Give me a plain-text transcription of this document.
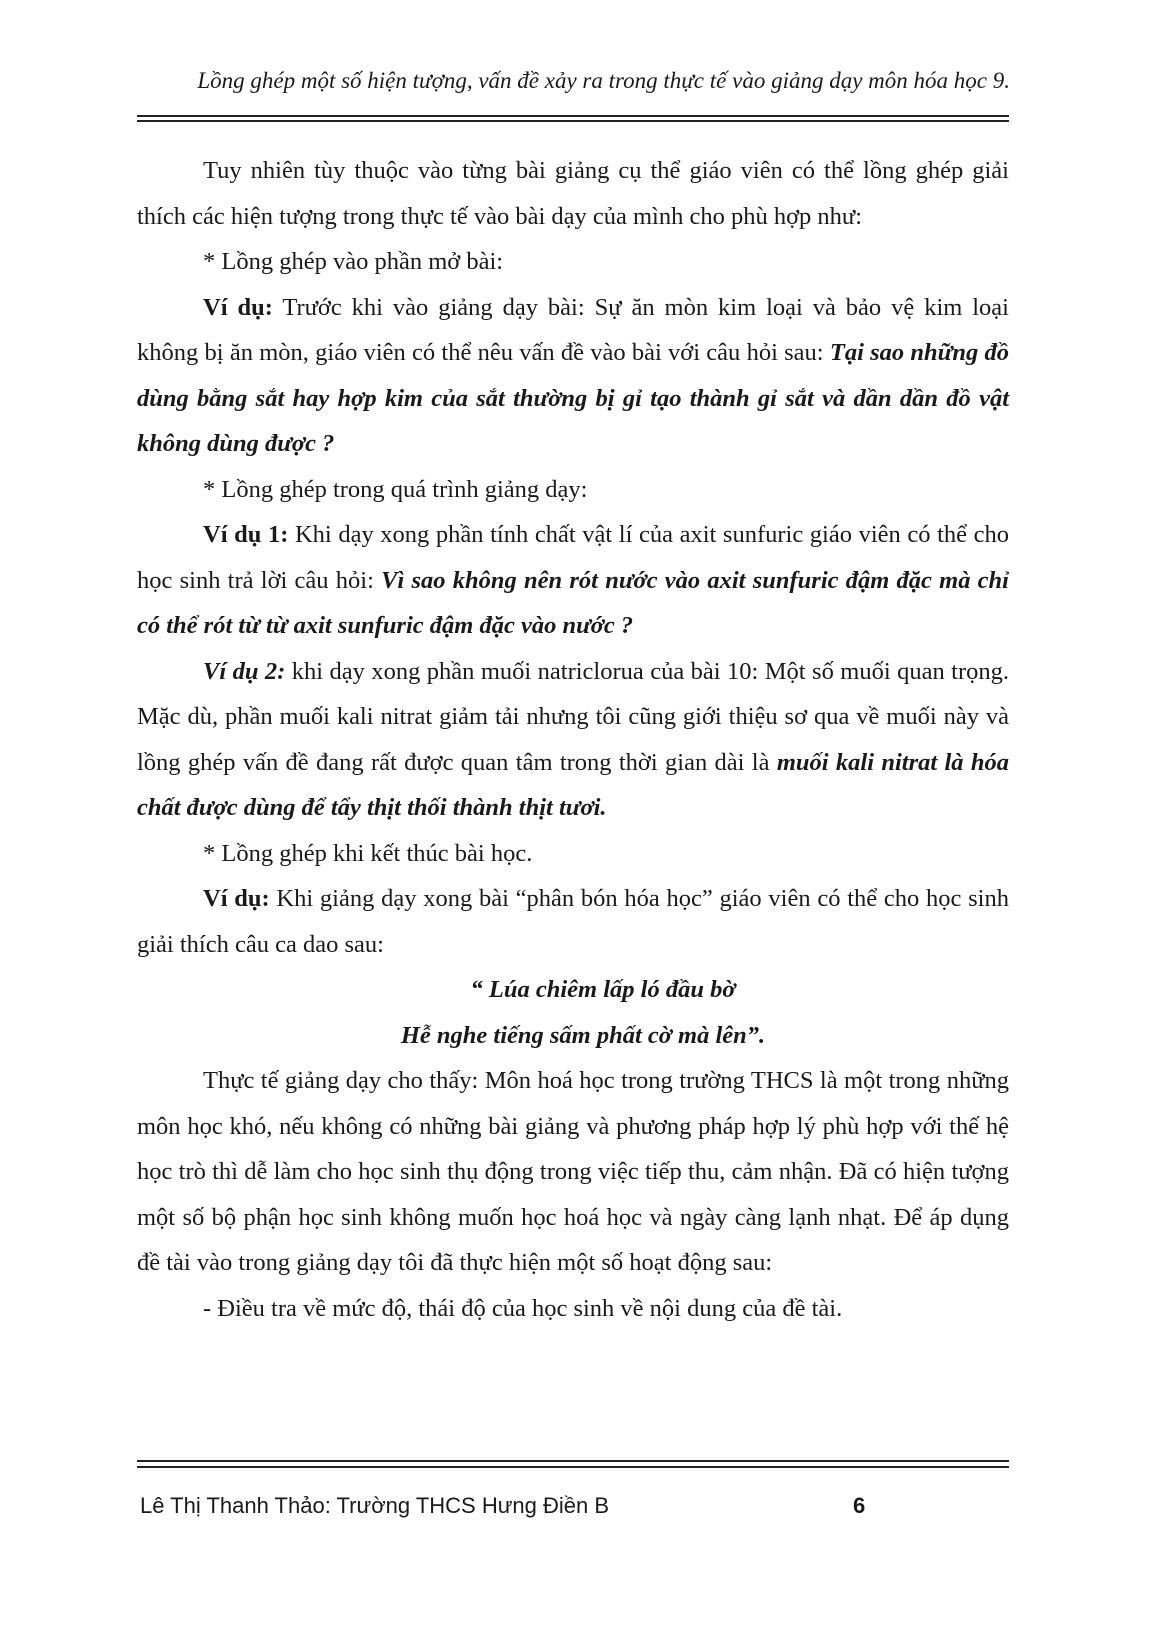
Lồng ghép một số hiện tượng, vấn đề xảy ra trong thực tế vào giảng dạy môn hóa học 9.

Tuy nhiên tùy thuộc vào từng bài giảng cụ thể giáo viên có thể lồng ghép giải thích các hiện tượng trong thực tế vào bài dạy của mình cho phù hợp như:

* Lồng ghép vào phần mở bài:

Ví dụ: Trước khi vào giảng dạy bài: Sự ăn mòn kim loại và bảo vệ kim loại không bị ăn mòn, giáo viên có thể nêu vấn đề vào bài với câu hỏi sau: Tại sao những đồ dùng bằng sắt hay hợp kim của sắt thường bị gỉ tạo thành gỉ sắt và dần dần đồ vật không dùng được ?

* Lồng ghép trong quá trình giảng dạy:

Ví dụ 1: Khi dạy xong phần tính chất vật lí của axit sunfuric giáo viên có thể cho học sinh trả lời câu hỏi: Vì sao không nên rót nước vào axit sunfuric đậm đặc mà chỉ có thể rót từ từ axit sunfuric đậm đặc vào nước ?

Ví dụ 2: khi dạy xong phần muối natriclorua của bài 10: Một số muối quan trọng. Mặc dù, phần muối kali nitrat giảm tải nhưng tôi cũng giới thiệu sơ qua về muối này và lồng ghép vấn đề đang rất được quan tâm trong thời gian dài là muối kali nitrat là hóa chất được dùng để tẩy thịt thối thành thịt tươi.

* Lồng ghép khi kết thúc bài học.

Ví dụ: Khi giảng dạy xong bài “phân bón hóa học” giáo viên có thể cho học sinh giải thích câu ca dao sau:

“ Lúa chiêm lấp ló đầu bờ

Hễ nghe tiếng sấm phất cờ mà lên”.

Thực tế giảng dạy cho thấy: Môn hoá học trong trường THCS là một trong những môn học khó, nếu không có những bài giảng và phương pháp hợp lý phù hợp với thế hệ học trò thì dễ làm cho học sinh thụ động trong việc tiếp thu, cảm nhận. Đã có hiện tượng một số bộ phận học sinh không muốn học hoá học và ngày càng lạnh nhạt. Để áp dụng đề tài vào trong giảng dạy tôi đã thực hiện một số hoạt động sau:

- Điều tra về mức độ, thái độ của học sinh về nội dung của đề tài.

Lê Thị Thanh Thảo: Trường THCS Hưng Điền B	6
